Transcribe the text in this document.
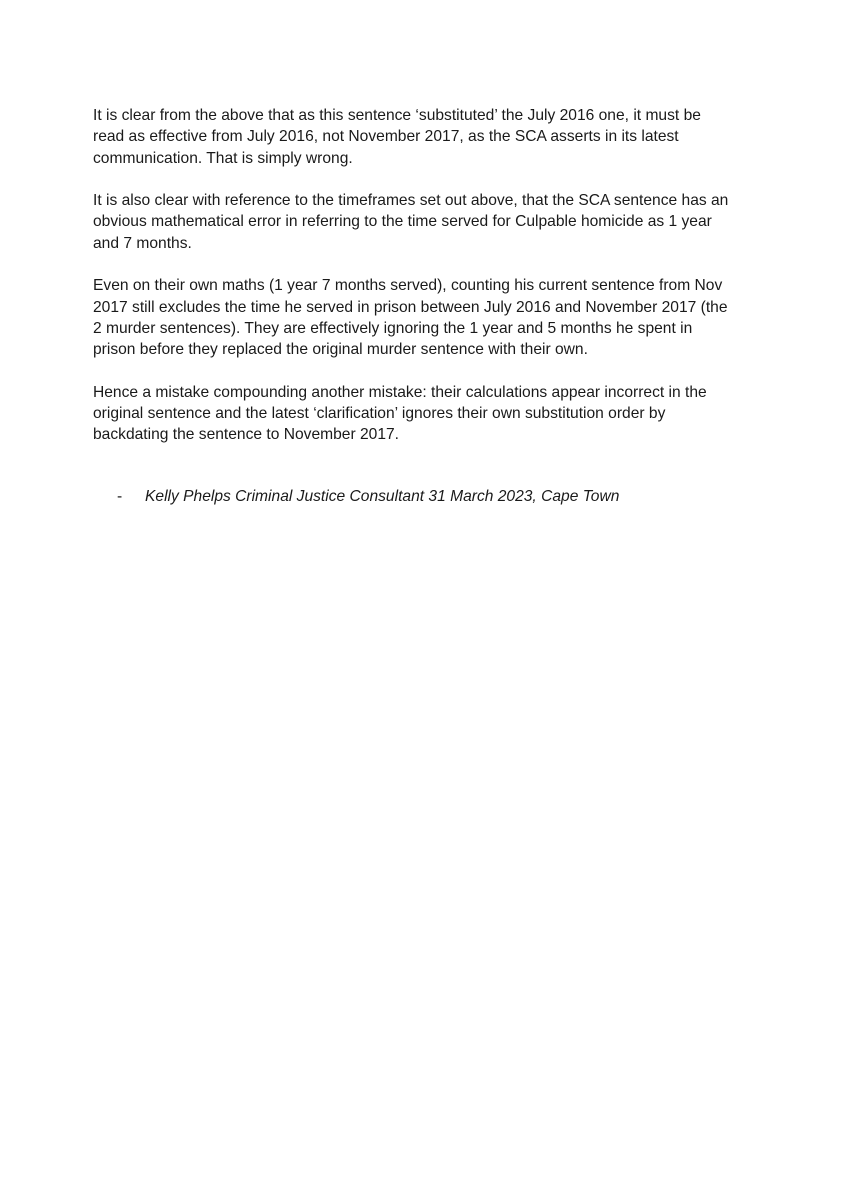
It is clear from the above that as this sentence ‘substituted’ the July 2016 one, it must be
read as effective from July 2016, not November 2017, as the SCA asserts in its latest
communication. That is simply wrong.

It is also clear with reference to the timeframes set out above, that the SCA sentence has an
obvious mathematical error in referring to the time served for Culpable homicide as 1 year
and 7 months.

Even on their own maths (1 year 7 months served), counting his current sentence from Nov
2017 still excludes the time he served in prison between July 2016 and November 2017 (the
2 murder sentences). They are effectively ignoring the 1 year and 5 months he spent in
prison before they replaced the original murder sentence with their own.

Hence a mistake compounding another mistake: their calculations appear incorrect in the
original sentence and the latest ‘clarification’ ignores their own substitution order by
backdating the sentence to November 2017.

- Kelly Phelps Criminal Justice Consultant 31 March 2023, Cape Town
